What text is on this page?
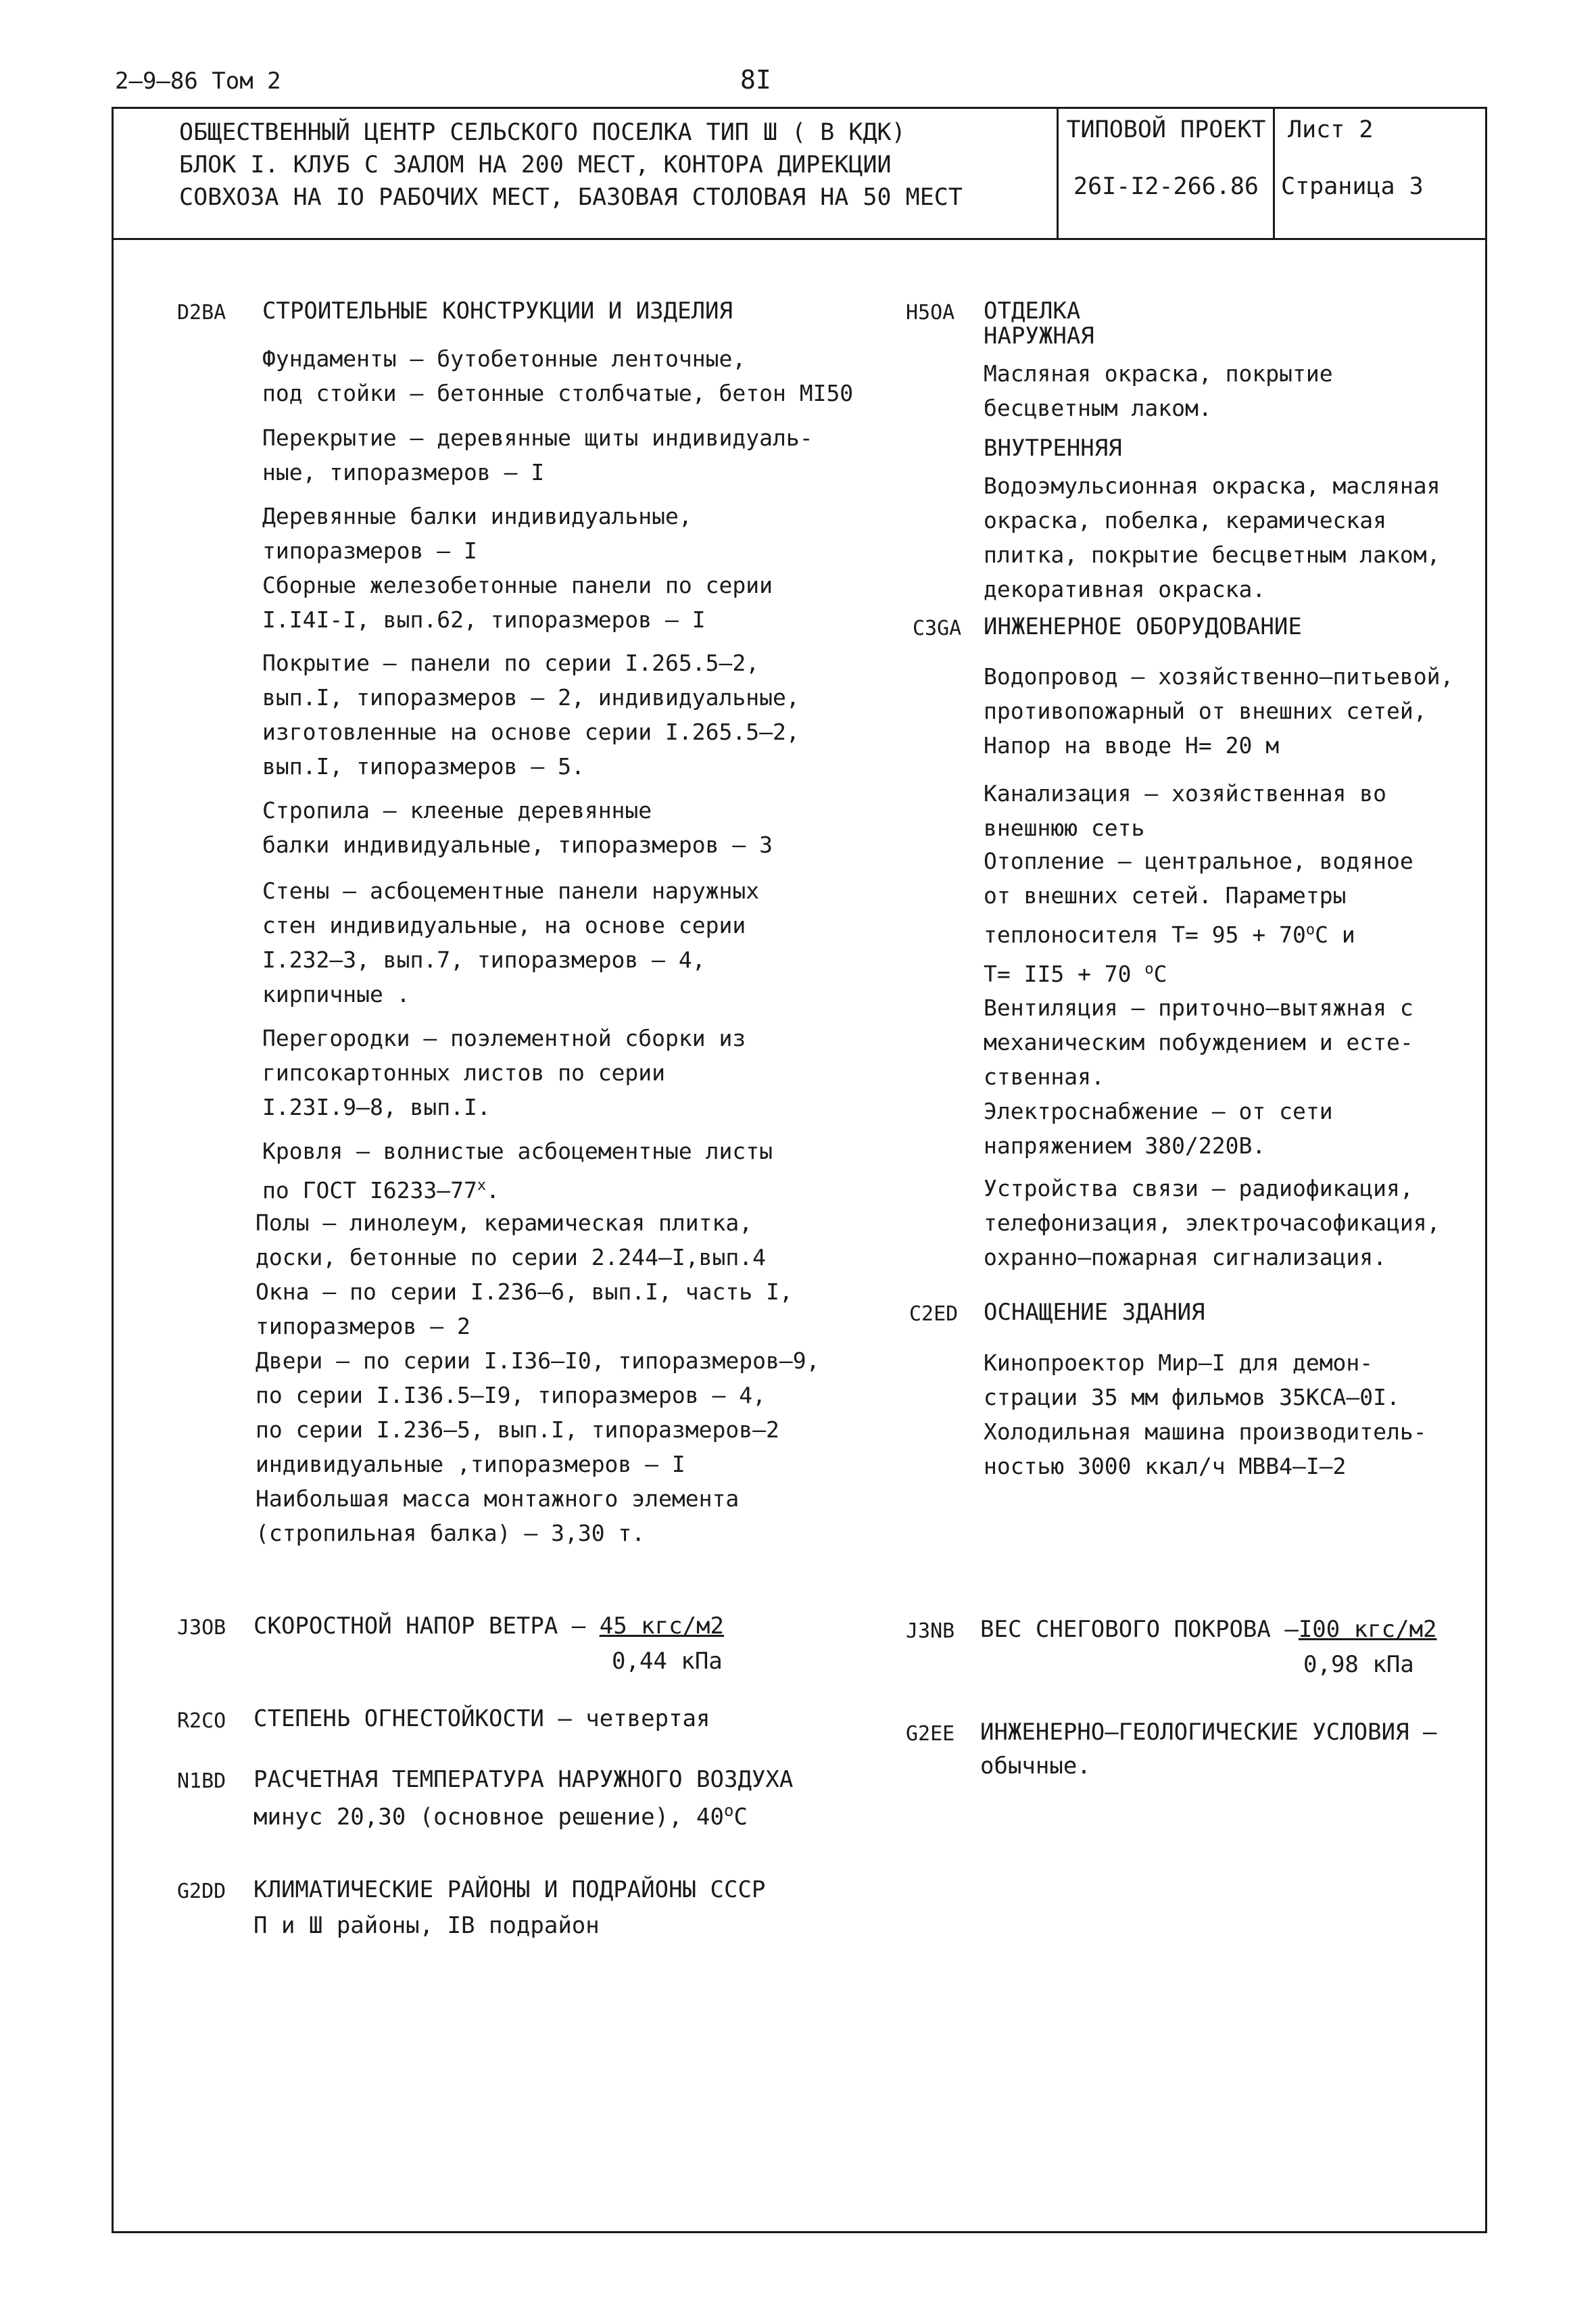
2–9–86 Том 2	8I
ОБЩЕСТВЕННЫЙ ЦЕНТР СЕЛЬСКОГО ПОСЕЛКА ТИП Ш ( В КДК)
БЛОК I. КЛУБ С ЗАЛОМ НА 200 МЕСТ, КОНТОРА ДИРЕКЦИИ
СОВХОЗА НА IO РАБОЧИХ МЕСТ, БАЗОВАЯ СТОЛОВАЯ НА 50 МЕСТ
ТИПОВОЙ ПРОЕКТ
26I-I2-266.86
Лист 2
Страница 3
D2BA СТРОИТЕЛЬНЫЕ КОНСТРУКЦИИ И ИЗДЕЛИЯ
Фундаменты – бутобетонные ленточные,
под стойки – бетонные столбчатые, бетон MI50
Перекрытие – деревянные щиты индивидуаль-
ные, типоразмеров – I
Деревянные балки индивидуальные,
типоразмеров – I
Сборные железобетонные панели по серии
I.I4I-I, вып.62, типоразмеров – I
Покрытие – панели по серии I.265.5–2,
вып.I, типоразмеров – 2, индивидуальные,
изготовленные на основе серии I.265.5–2,
вып.I, типоразмеров – 5.
Стропила – клееные деревянные
балки индивидуальные, типоразмеров – 3
Стены – асбоцементные панели наружных
стен индивидуальные, на основе серии
I.232–3, вып.7, типоразмеров – 4,
кирпичные .
Перегородки – поэлементной сборки из
гипсокартонных листов по серии
I.23I.9–8, вып.I.
Кровля – волнистые асбоцементные листы
по ГОСТ I6233–77$^x$.
Полы – линолеум, керамическая плитка,
доски, бетонные по серии 2.244–I,вып.4
Окна – по серии I.236–6, вып.I, часть I,
типоразмеров – 2
Двери – по серии I.I36–I0, типоразмеров–9,
по серии I.I36.5–I9, типоразмеров – 4,
по серии I.236–5, вып.I, типоразмеров–2
индивидуальные ,типоразмеров – I
Наибольшая масса монтажного элемента
(стропильная балка) – 3,30 т.
J3OB СКОРОСТНОЙ НАПОР ВЕТРА – 45 кгс/м2
0,44 кПа
R2CO СТЕПЕНЬ ОГНЕСТОЙКОСТИ – четвертая
N1BD РАСЧЕТНАЯ ТЕМПЕРАТУРА НАРУЖНОГО ВОЗДУХА
минус 20,30 (основное решение), 40$^o$C
G2DD КЛИМАТИЧЕСКИЕ РАЙОНЫ И ПОДРАЙОНЫ СССР
П и Ш районы, IВ подрайон
H5OA ОТДЕЛКА
НАРУЖНАЯ
Масляная окраска, покрытие
бесцветным лаком.
ВНУТРЕННЯЯ
Водоэмульсионная окраска, масляная
окраска, побелка, керамическая
плитка, покрытие бесцветным лаком,
декоративная окраска.
C3GA ИНЖЕНЕРНОЕ ОБОРУДОВАНИЕ
Водопровод – хозяйственно–питьевой,
противопожарный от внешних сетей,
Напор на вводе Н= 20 м
Канализация – хозяйственная во
внешнюю сеть
Отопление – центральное, водяное
от внешних сетей. Параметры
теплоносителя $Т= 95 + 70^oС$ и
Т= II5 + 70 $^o$С
Вентиляция – приточно–вытяжная с
механическим побуждением и есте-
ственная.
Электроснабжение – от сети
напряжением 380/220В.
Устройства связи – радиофикация,
телефонизация, электрочасофикация,
охранно–пожарная сигнализация.
C2ED ОСНАЩЕНИЕ ЗДАНИЯ
Кинопроектор Мир–I для демон-
страции 35 мм фильмов 35КСА–0I.
Холодильная машина производитель-
ностью 3000 ккал/ч МВВ4–I–2
J3NB ВЕС СНЕГОВОГО ПОКРОВА –I00 кгс/м2
0,98 кПа
G2EE ИНЖЕНЕРНО–ГЕОЛОГИЧЕСКИЕ УСЛОВИЯ –
обычные.
